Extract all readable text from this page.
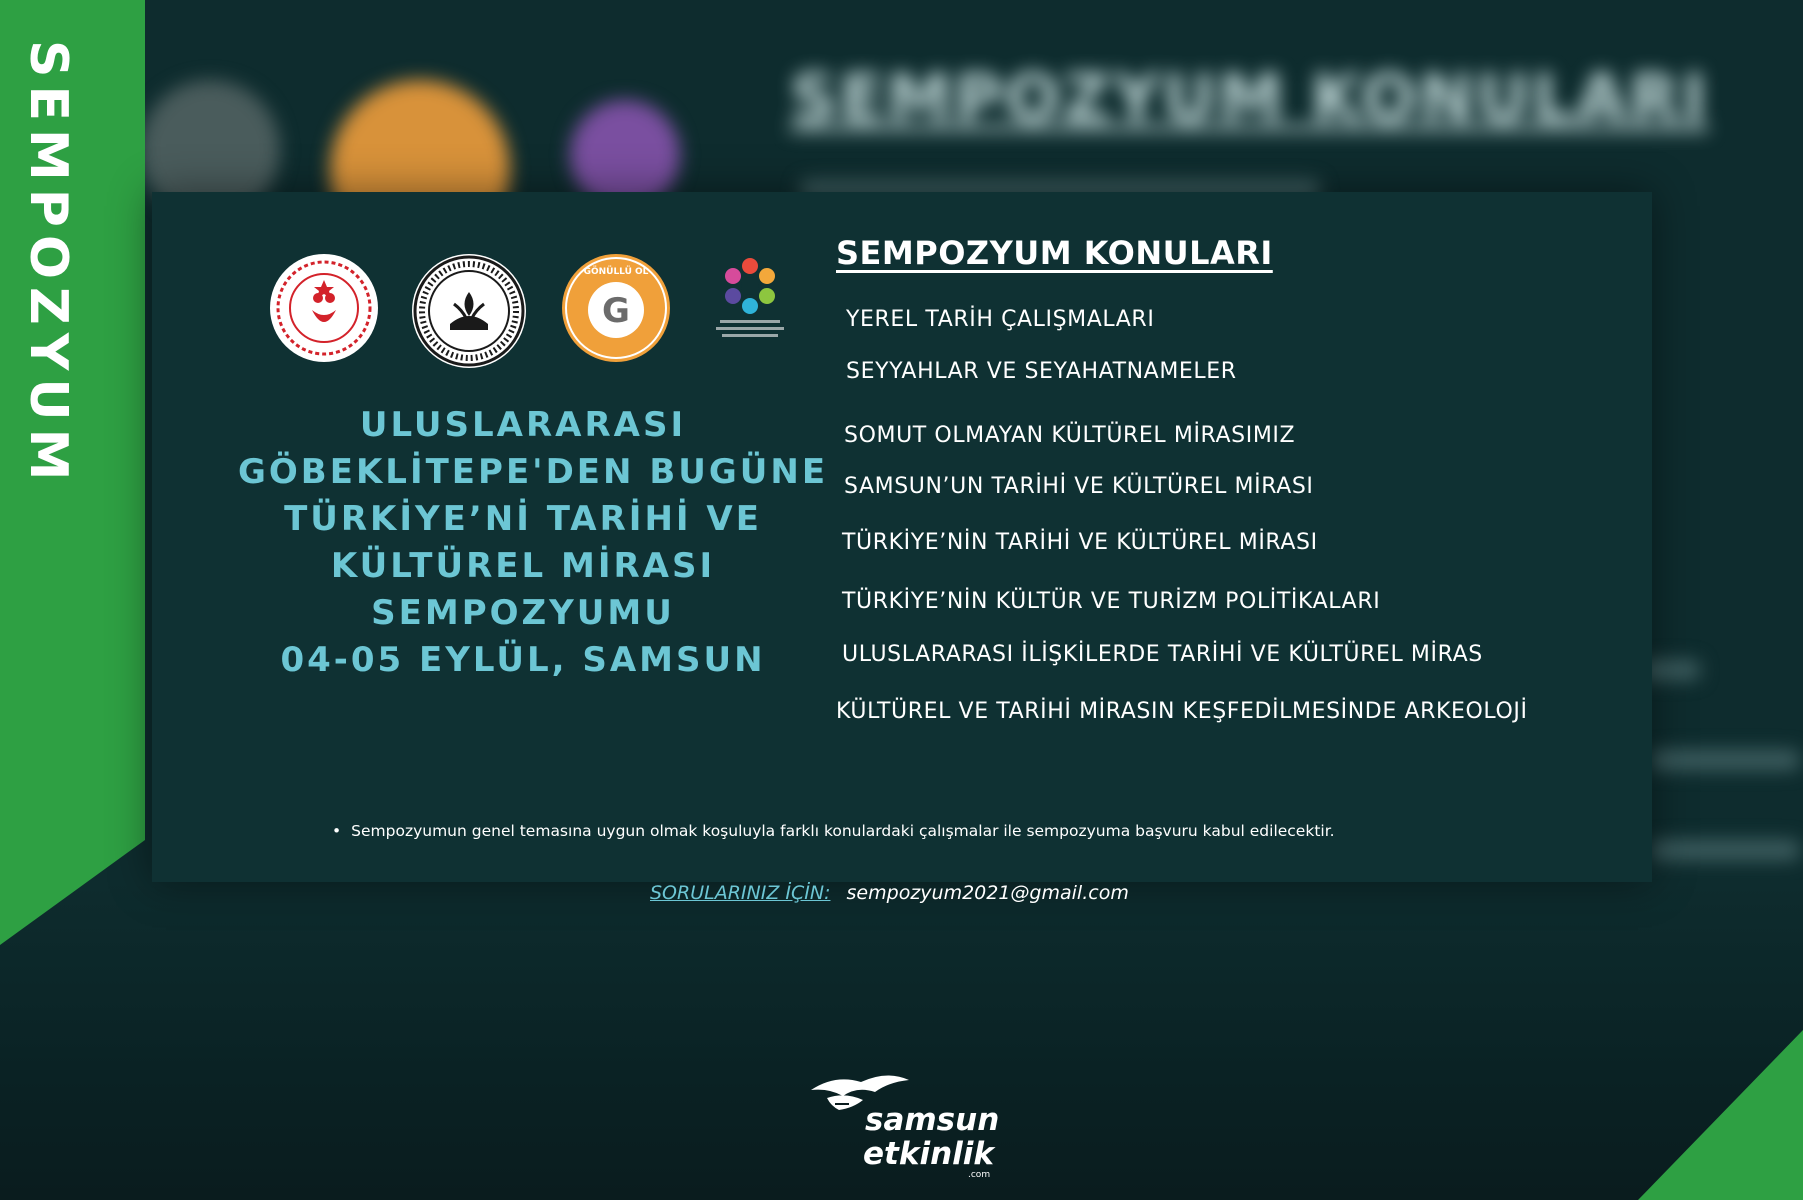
SEMPOZYUM KONULARI
SEMPOZYUM	G
GÖNÜLLÜ OL
ULUSLARARASI
GÖBEKLİTEPE'DEN BUGÜNE
TÜRKİYE’Nİ TARİHİ VE
KÜLTÜREL MİRASI
SEMPOZYUMU
04-05 EYLÜL, SAMSUN
SEMPOZYUM KONULARI
YEREL TARİH ÇALIŞMALARI
SEYYAHLAR VE SEYAHATNAMELER
SOMUT OLMAYAN KÜLTÜREL MİRASIMIZ
SAMSUN’UN TARİHİ VE KÜLTÜREL MİRASI
TÜRKİYE’NİN TARİHİ VE KÜLTÜREL MİRASI
TÜRKİYE’NİN KÜLTÜR VE TURİZM POLİTİKALARI
ULUSLARARASI İLİŞKİLERDE TARİHİ VE KÜLTÜREL MİRAS
KÜLTÜREL VE TARİHİ MİRASIN KEŞFEDİLMESİNDE ARKEOLOJİ
• Sempozyumun genel temasına uygun olmak koşuluyla farklı konulardaki çalışmalar ile sempozyuma başvuru kabul edilecektir.
SORULARINIZ İÇİN: sempozyum2021@gmail.com
samsun
etkinlik
.com
